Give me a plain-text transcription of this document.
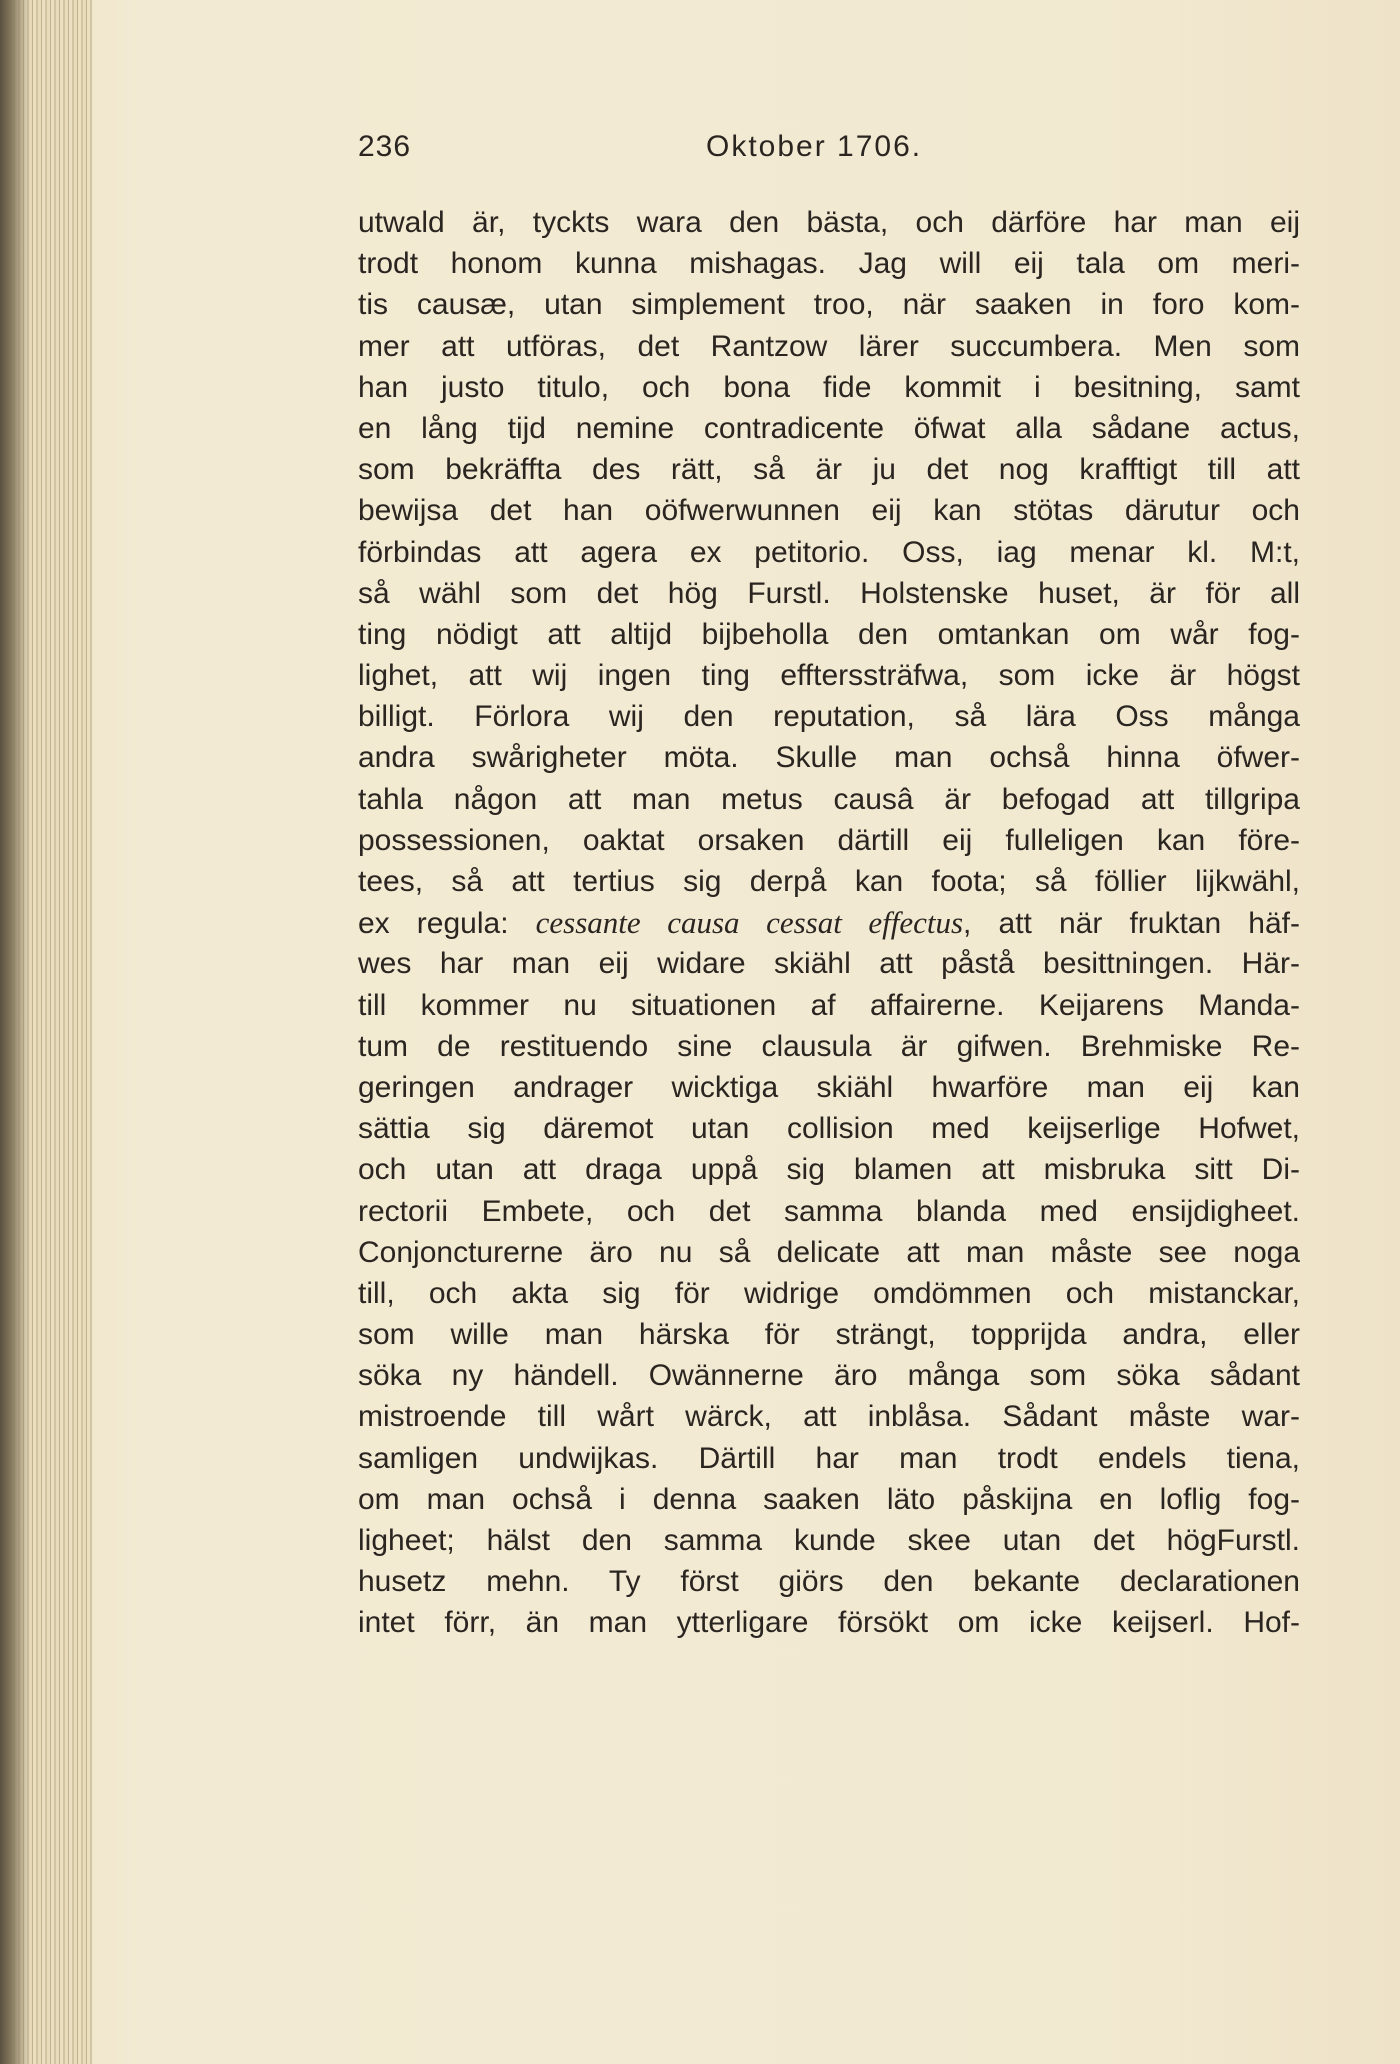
236	Oktober 1706.
utwald är, tyckts wara den bästa, och därföre har man eij
trodt honom kunna mishagas. Jag will eij tala om meri-
tis causæ, utan simplement troo, när saaken in foro kom-
mer att utföras, det Rantzow lärer succumbera. Men som
han justo titulo, och bona fide kommit i besitning, samt
en lång tijd nemine contradicente öfwat alla sådane actus,
som bekräffta des rätt, så är ju det nog krafftigt till att
bewijsa det han oöfwerwunnen eij kan stötas därutur och
förbindas att agera ex petitorio. Oss, iag menar kl. M:t,
så wähl som det hög Furstl. Holstenske huset, är för all
ting nödigt att altijd bijbeholla den omtankan om wår fog-
lighet, att wij ingen ting effterssträfwa, som icke är högst
billigt. Förlora wij den reputation, så lära Oss många
andra swårigheter möta. Skulle man ochså hinna öfwer-
tahla någon att man metus causâ är befogad att tillgripa
possessionen, oaktat orsaken därtill eij fulleligen kan före-
tees, så att tertius sig derpå kan foota; så föllier lijkwähl,
ex regula: cessante causa cessat effectus, att när fruktan häf-
wes har man eij widare skiähl att påstå besittningen. Här-
till kommer nu situationen af affairerne. Keijarens Manda-
tum de restituendo sine clausula är gifwen. Brehmiske Re-
geringen andrager wicktiga skiähl hwarföre man eij kan
sättia sig däremot utan collision med keijserlige Hofwet,
och utan att draga uppå sig blamen att misbruka sitt Di-
rectorii Embete, och det samma blanda med ensijdigheet.
Conjoncturerne äro nu så delicate att man måste see noga
till, och akta sig för widrige omdömmen och mistanckar,
som wille man härska för strängt, topprijda andra, eller
söka ny händell. Owännerne äro många som söka sådant
mistroende till wårt wärck, att inblåsa. Sådant måste war-
samligen undwijkas. Därtill har man trodt endels tiena,
om man ochså i denna saaken läto påskijna en loflig fog-
ligheet; hälst den samma kunde skee utan det högFurstl.
husetz mehn. Ty först giörs den bekante declarationen
intet förr, än man ytterligare försökt om icke keijserl. Hof-
